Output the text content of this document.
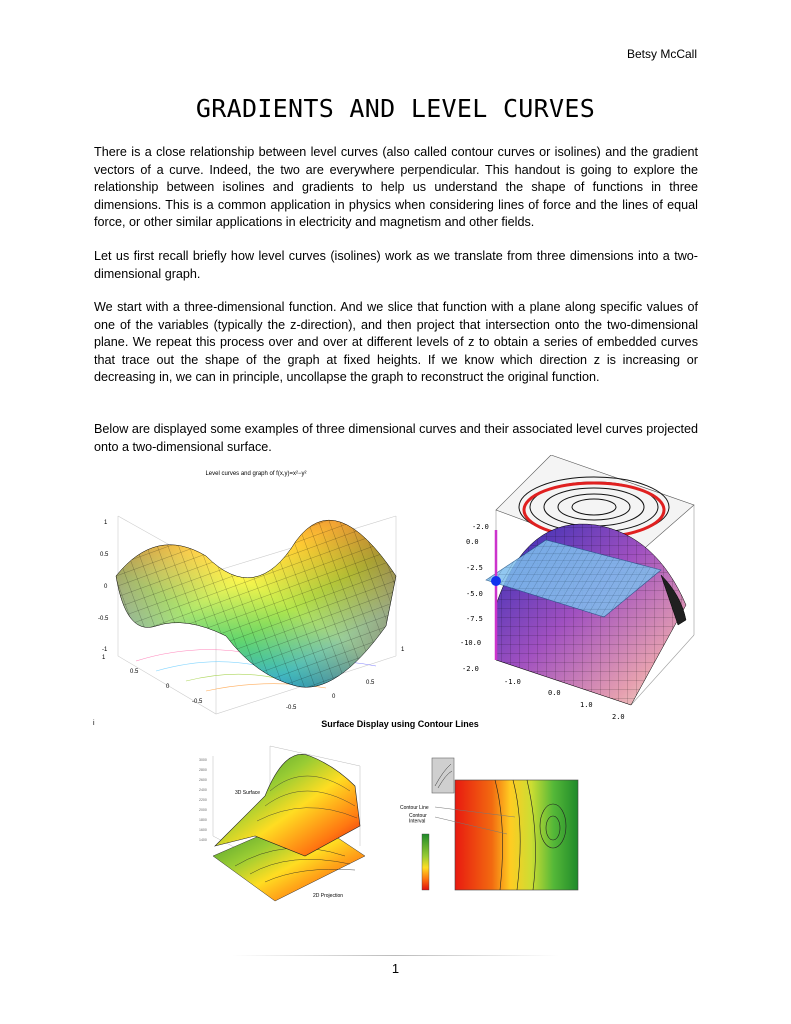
Betsy McCall
GRADIENTS AND LEVEL CURVES

There is a close relationship between level curves (also called contour curves or isolines) and the gradient vectors of a curve. Indeed, the two are everywhere perpendicular. This handout is going to explore the relationship between isolines and gradients to help us understand the shape of functions in three dimensions. This is a common application in physics when considering lines of force and the lines of equal force, or other similar applications in electricity and magnetism and other fields.

Let us first recall briefly how level curves (isolines) work as we translate from three dimensions into a two-dimensional graph.

We start with a three-dimensional function. And we slice that function with a plane along specific values of one of the variables (typically the z-direction), and then project that intersection onto the two-dimensional plane. We repeat this process over and over at different levels of z to obtain a series of embedded curves that trace out the shape of the graph at fixed heights. If we know which direction z is increasing or decreasing in, we can in principle, uncollapse the graph to reconstruct the original function.

Below are displayed some examples of three dimensional curves and their associated level curves projected onto a two-dimensional surface.

Level curves and graph of f(x,y)=x²−y²
1
0.5
0
-0.5
-1
1
0.5
0
-0.5
1
0.5
0
-0.5
-2.0
0.0
-2.5
-5.0
-7.5
-10.0
-2.0
-1.0
0.0
1.0
2.0
i	Surface Display using Contour Lines
3000
2800
2600
2400
2200
2000
1800
1600
1400
3D Surface
2D Projection
Contour Line
Contour Interval
1
